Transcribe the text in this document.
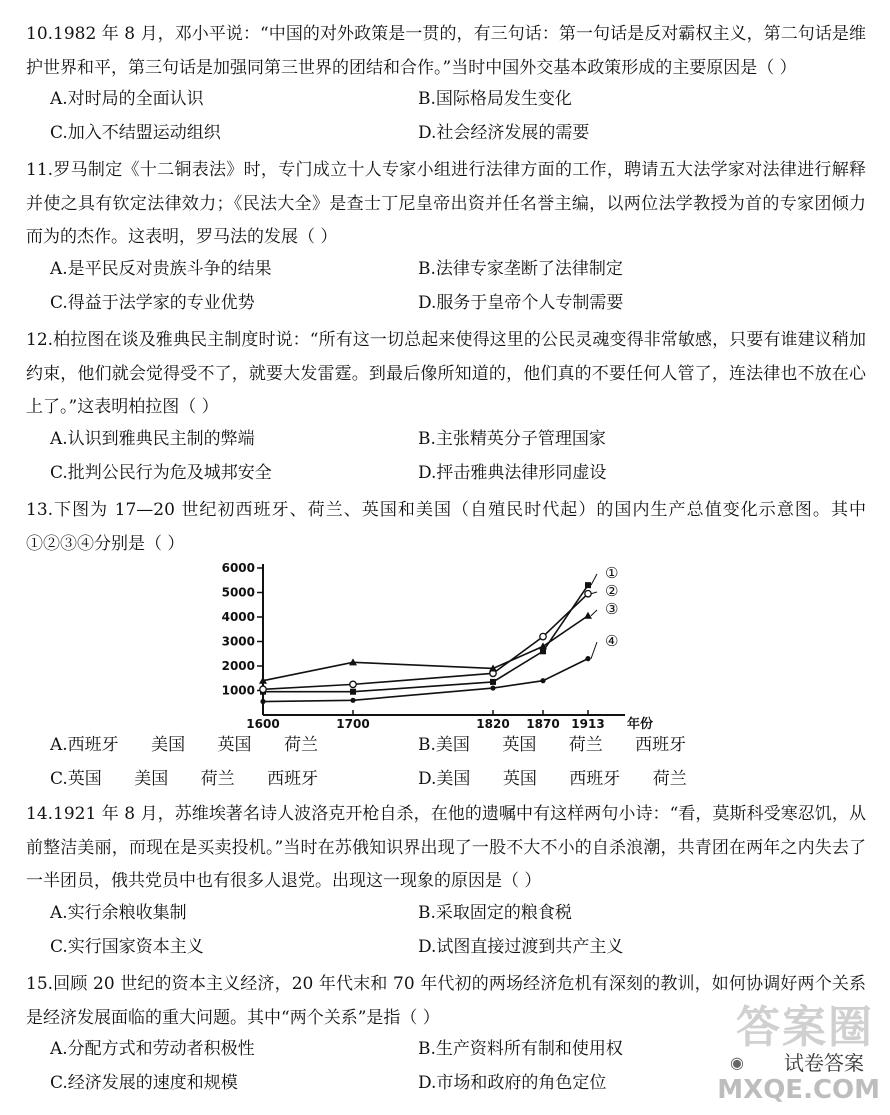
10.1982 年 8 月，邓小平说：“中国的对外政策是一贯的，有三句话：第一句话是反对霸权主义，第二句话是维护世界和平，第三句话是加强同第三世界的团结和合作。”当时中国外交基本政策形成的主要原因是（ ）

A.对时局的全面认识	B.国际格局发生变化
C.加入不结盟运动组织	D.社会经济发展的需要

11.罗马制定《十二铜表法》时，专门成立十人专家小组进行法律方面的工作，聘请五大法学家对法律进行解释并使之具有钦定法律效力；《民法大全》是查士丁尼皇帝出资并任名誉主编，以两位法学教授为首的专家团倾力而为的杰作。这表明，罗马法的发展（ ）

A.是平民反对贵族斗争的结果	B.法律专家垄断了法律制定
C.得益于法学家的专业优势	D.服务于皇帝个人专制需要

12.柏拉图在谈及雅典民主制度时说：“所有这一切总起来使得这里的公民灵魂变得非常敏感，只要有谁建议稍加约束，他们就会觉得受不了，就要大发雷霆。到最后像所知道的，他们真的不要任何人管了，连法律也不放在心上了。”这表明柏拉图（ ）

A.认识到雅典民主制的弊端	B.主张精英分子管理国家
C.批判公民行为危及城邦安全	D.抨击雅典法律形同虚设

13.下图为 17—20 世纪初西班牙、荷兰、英国和美国（自殖民时代起）的国内生产总值变化示意图。其中①②③④分别是（ ）

1000
2000
3000
4000
5000
6000
1600	1700	1820 1870 1913 年份
①
②
③
④
A.西班牙      美国      英国      荷兰	B.美国      英国      荷兰      西班牙
C.英国      美国      荷兰      西班牙	D.美国      英国      西班牙      荷兰

14.1921 年 8 月，苏维埃著名诗人波洛克开枪自杀，在他的遗嘱中有这样两句小诗：“看，莫斯科受寒忍饥，从前整洁美丽，而现在是买卖投机。”当时在苏俄知识界出现了一股不大不小的自杀浪潮，共青团在两年之内失去了一半团员，俄共党员中也有很多人退党。出现这一现象的原因是（ ）

A.实行余粮收集制	B.采取固定的粮食税
C.实行国家资本主义	D.试图直接过渡到共产主义

15.回顾 20 世纪的资本主义经济，20 年代末和 70 年代初的两场经济危机有深刻的教训，如何协调好两个关系是经济发展面临的重大问题。其中“两个关系”是指（ ）

A.分配方式和劳动者积极性	B.生产资料所有制和使用权
C.经济发展的速度和规模	D.市场和政府的角色定位
答案圈
◉ 试卷答案
MXQE.COM
